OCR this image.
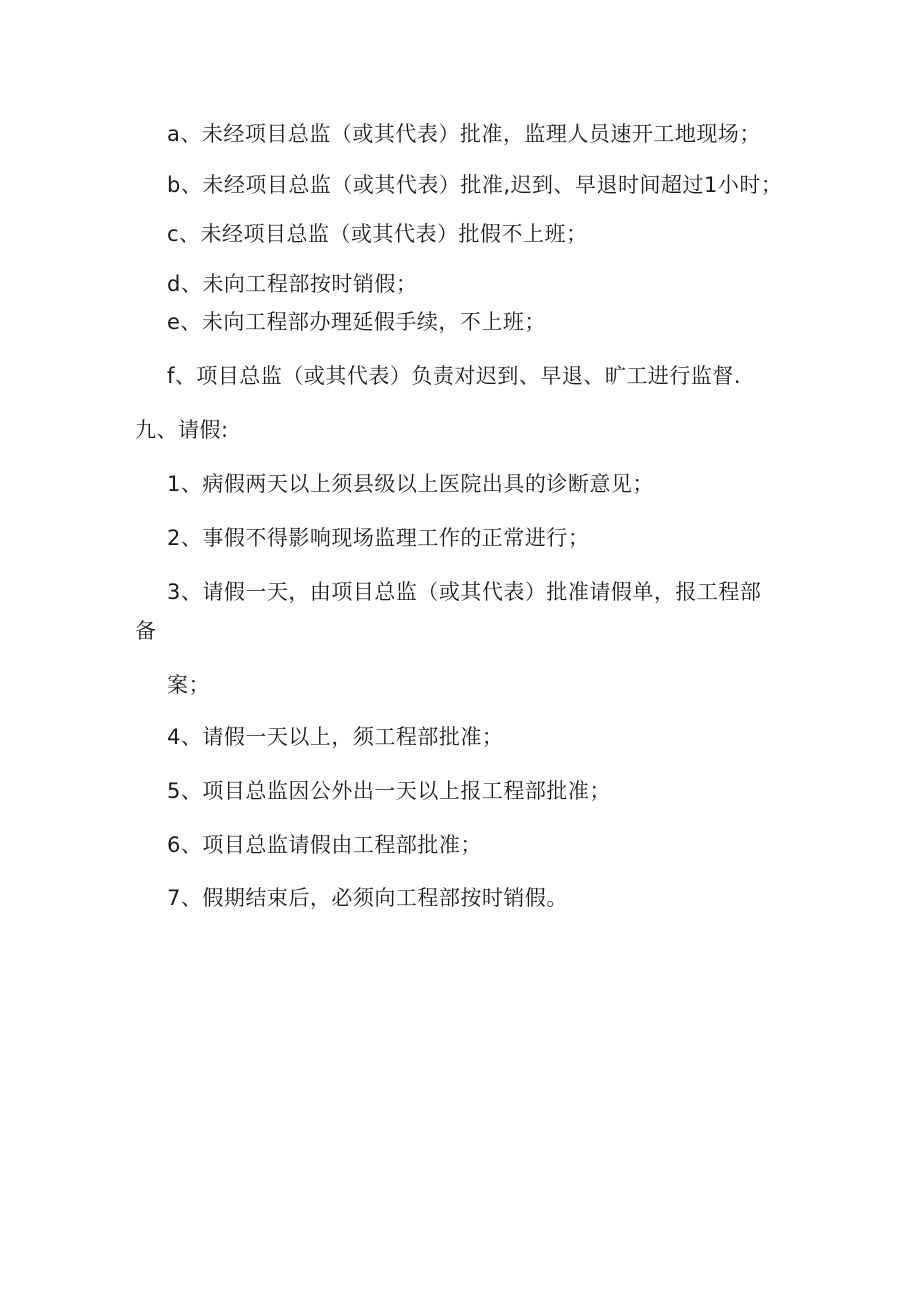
a、未经项目总监（或其代表）批准，监理人员速开工地现场；
b、未经项目总监（或其代表）批准,迟到、早退时间超过1小时；
c、未经项目总监（或其代表）批假不上班；
d、未向工程部按时销假；
e、未向工程部办理延假手续，不上班；
f、项目总监（或其代表）负责对迟到、早退、旷工进行监督.
九、请假:
1、病假两天以上须县级以上医院出具的诊断意见；
2、事假不得影响现场监理工作的正常进行；
3、请假一天，由项目总监（或其代表）批准请假单，报工程部
备
案；
4、请假一天以上，须工程部批准；
5、项目总监因公外出一天以上报工程部批准；
6、项目总监请假由工程部批准；
7、假期结束后，必须向工程部按时销假。
